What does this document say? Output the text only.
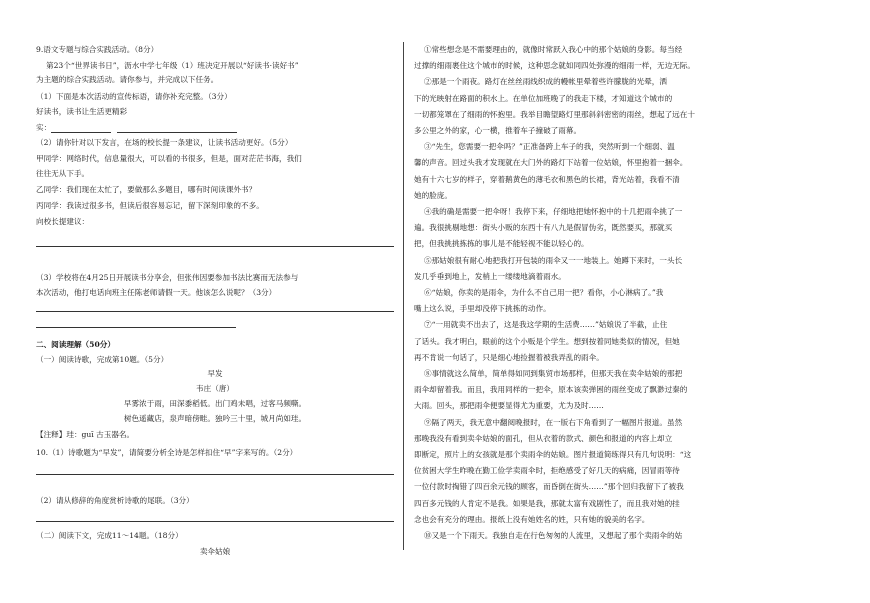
9.语文专题与综合实践活动。（8分）
第23个“世界读书日”，沥水中学七年级（1）班决定开展以“好读书·读好书”
为主题的综合实践活动。请你参与，并完成以下任务。
（1）下面是本次活动的宣传标语，请你补充完整。（3分）
好读书，读书让生活更精彩
实：
（2）请你针对以下发言，在场的校长提一条建议，让读书活动更好。（5分）
甲同学：网络时代，信息量很大，可以看的书很多，但是，面对茫茫书海，我们
往往无从下手。
乙同学：我们现在太忙了，要做那么多题目，哪有时间读课外书？
丙同学：我读过很多书，但读后很容易忘记，留下深刻印象的不多。
向校长提建议：
（3）学校将在4月25日开展读书分享会，但张伟因要参加书法比赛而无法参与
本次活动，他打电话向班主任陈老师请假一天。他该怎么说呢？（3分）
二、阅读理解（50分）
（一）阅读诗歌，完成第10题。（5分）
早发
韦庄（唐）
早雾浓于雨，田深黍稻低。出门鸡未唱，过客马频嘶。
树色遥藏店，泉声暗傍畦。独吟三十里，城月尚如珪。
【注释】珪：guī 古玉器名。
10.（1）诗歌题为“早发”，请简要分析全诗是怎样扣住“早”字来写的。（2分）
（2）请从修辞的角度赏析诗歌的尾联。（3分）
（二）阅读下文，完成11～14题。（18分）
卖伞姑娘
①常些想念是不需要理由的，就像时常跃入我心中的那个姑娘的身影。每当经
过撑的细雨裹住这个城市的时候，这种思念就如同四处弥漫的细雨一样，无边无际。
②那是一个雨夜。路灯在丝丝雨线织成的幔帐里晕着些许朦胧的光晕，洒
下的光映射在路面的积水上。在单位加班晚了的我走下楼，才知道这个城市的
一切都笼罩在了细雨的怀抱里。我举目瞻望路灯里那斜斜密密的雨丝，想起了远在十
多公里之外的家，心一横，推着车子撞破了雨幕。
③“先生，您需要一把伞吗？”正准备跨上车子的我，突然听到一个细弱、温
馨的声音。回过头我才发现就在大门外的路灯下站着一位姑娘，怀里抱着一捆伞。
她有十六七岁的样子，穿着鹅黄色的薄毛衣和黑色的长裙，背光站着，我看不清
她的脸庞。
④我的确是需要一把伞呀！我停下来，仔细地把她怀抱中的十几把雨伞挑了一
遍。我很挑剔地想：街头小贩的东西十有八九是假冒伪劣，既然要买，那就买
把，但我挑挑拣拣的事儿是不能轻视不能以轻心的。
⑤那姑娘很有耐心地把我打开包装的雨伞又一一地装上。她蹲下来时，一头长
发几乎垂到地上，发梢上一缕缕地滴着雨水。
⑥“姑娘，你卖的是雨伞，为什么不自己用一把？看你，小心淋病了。”我
嘴上这么说，手里却没停下挑拣的动作。
⑦“一用就卖不出去了，这是我这学期的生活费……”姑娘说了半截，止住
了话头。我才明白，眼前的这个小贩是个学生。想到按着同她类似的情况，但她
再不肯说一句话了，只是细心地捡握着被我弄乱的雨伞。
⑧事情就这么简单，简单得如同到集贸市场那样，但那天我在卖伞姑娘的那把
雨伞却留着我。而且，我用同样的一把伞，原本该卖弹困的雨丝变成了飘渺过秦的
大雨。回头，那把雨伞便要显得尤为重要，尤为及时……
⑨隔了两天，我无意中翻阅晚报时，在一版右下角看到了一幅图片报道。虽然
那晚我没有看到卖伞姑娘的面孔，但从衣着的款式、颜色和报道的内容上却立
即断定，照片上的女孩就是那个卖雨伞的姑娘。图片报道简练得只有几句说明：“这
位贫困大学生昨晚在勤工俭学卖雨伞时，拒绝感受了好几天的病痛，因冒雨等待
一位付款时掏错了四百余元钱的顾客，而昏倒在街头……”那个回归我留下了被我
四百多元钱的人肯定不是我。如果是我，那就太富有戏剧性了，而且我对她的挂
念也会有充分的理由。报纸上没有她姓名的姓，只有她的貌美的名字。
⑩又是一个下雨天。我独自走在行色匆匆的人流里，又想起了那个卖雨伞的姑
